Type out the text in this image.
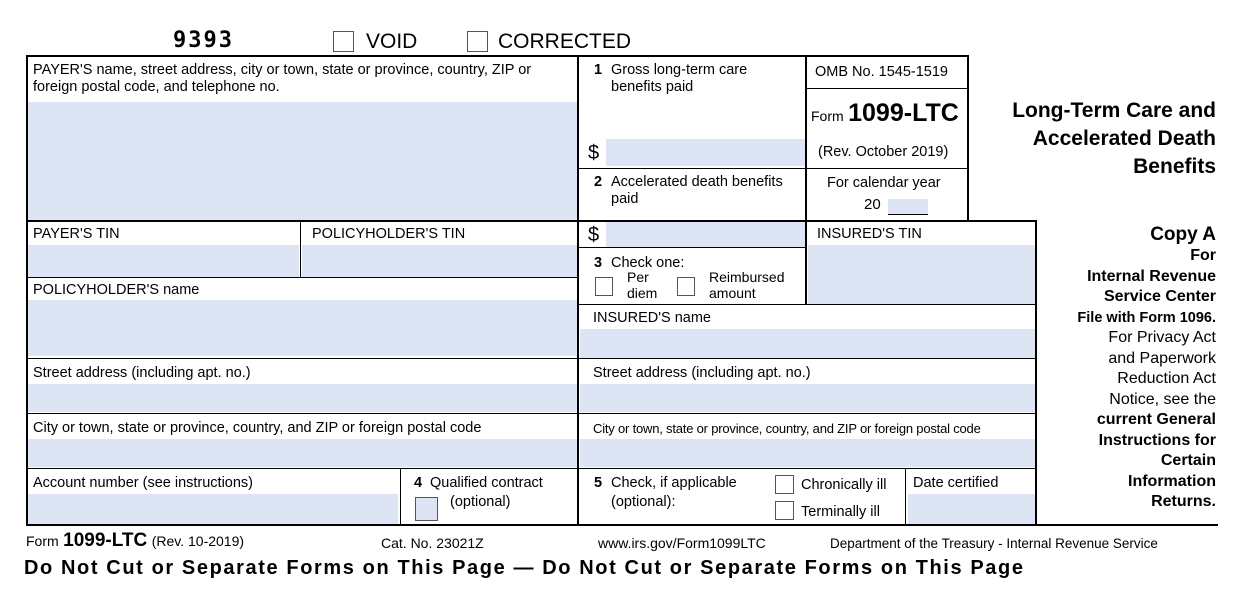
9393	VOID	CORRECTED
PAYER'S name, street address, city or town, state or province, country, ZIP or foreign postal code, and telephone no.
1 Gross long-term care
benefits paid
$
OMB No. 1545-1519
Form 1099-LTC
(Rev. October 2019)
2 Accelerated death benefits
paid
$
For calendar year
20
Long-Term Care and
Accelerated Death
Benefits
PAYER'S TIN	POLICYHOLDER'S TIN	INSURED'S TIN
3 Check one:
Per
diem
Reimbursed
amount
POLICYHOLDER'S name
INSURED'S name
Street address (including apt. no.)	Street address (including apt. no.)
City or town, state or province, country, and ZIP or foreign postal code	City or town, state or province, country, and ZIP or foreign postal code
Account number (see instructions)	4 Qualified contract
(optional)
5 Check, if applicable
(optional):
Chronically ill
Terminally ill
Date certified
Copy A
For
Internal Revenue
Service Center
File with Form 1096.
For Privacy Act
and Paperwork
Reduction Act
Notice, see the
current General
Instructions for
Certain
Information
Returns.
Form 1099-LTC (Rev. 10-2019)	Cat. No. 23021Z	www.irs.gov/Form1099LTC	Department of the Treasury - Internal Revenue Service
Do Not Cut or Separate Forms on This Page — Do Not Cut or Separate Forms on This Page
